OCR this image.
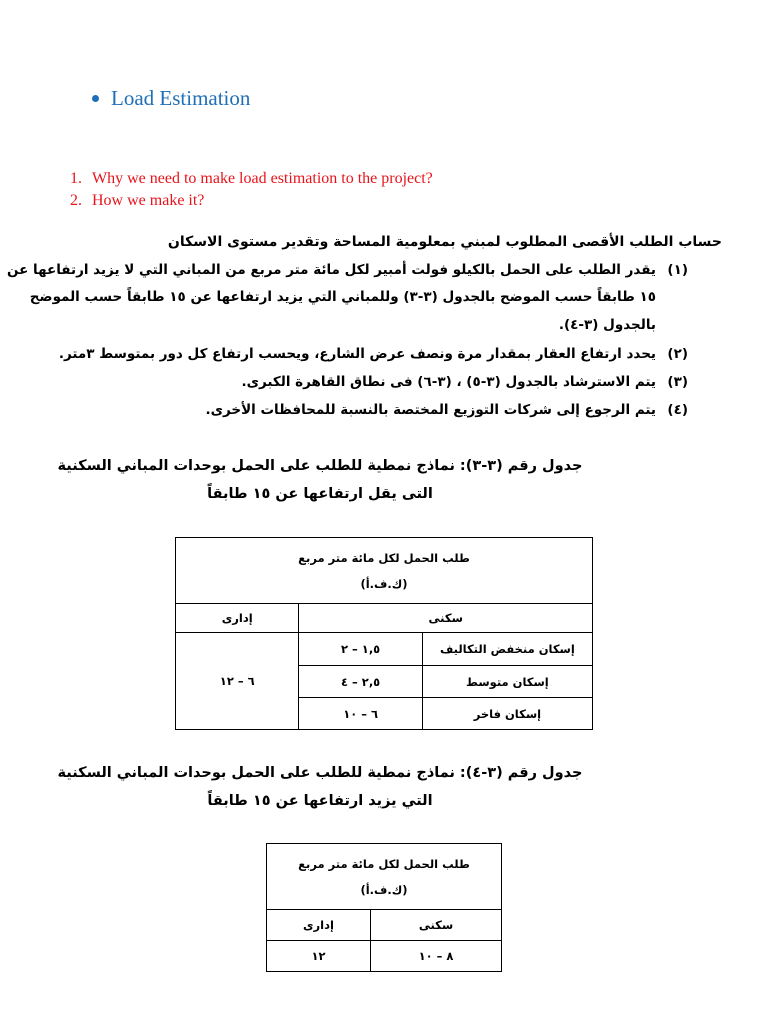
Load Estimation
1. Why we need to make load estimation to the project?
2. How we make it?
حساب الطلب الأقصى المطلوب لمبني بمعلومية المساحة وتقدير مستوى الاسكان
(١)
يقدر الطلب على الحمل بالكيلو فولت أمبير لكل مائة متر مربع من المباني التي لا يزيد ارتفاعها عن
١٥ طابقاً حسب الموضح بالجدول (٣-٣) وللمباني التي يزيد ارتفاعها عن ١٥ طابقاً حسب الموضح
بالجدول (٣-٤).
(٢)
يحدد ارتفاع العقار بمقدار مرة ونصف عرض الشارع، ويحسب ارتفاع كل دور بمتوسط ٣متر.
(٣)
يتم الاسترشاد بالجدول (٣-٥) ، (٣-٦) فى نطاق القاهرة الكبرى.
(٤)
يتم الرجوع إلى شركات التوزيع المختصة بالنسبة للمحافظات الأخرى.
جدول رقم (٣-٣): نماذج نمطية للطلب على الحمل بوحدات المباني السكنية
التى يقل ارتفاعها عن ١٥ طابقاً
طلب الحمل لكل مائة متر مربع
(ك.ف.أ)		

سكنى		إدارى
إسكان منخفض التكاليف	١,٥ – ٢	٦ – ١٢
إسكان متوسط	٢,٥ – ٤	
إسكان فاخر	٦ – ١٠	
جدول رقم (٣-٤): نماذج نمطية للطلب على الحمل بوحدات المباني السكنية
التي يزيد ارتفاعها عن ١٥ طابقاً
طلب الحمل لكل مائة متر مربع
(ك.ف.أ)	

سكنى	إدارى
٨ – ١٠	١٢
